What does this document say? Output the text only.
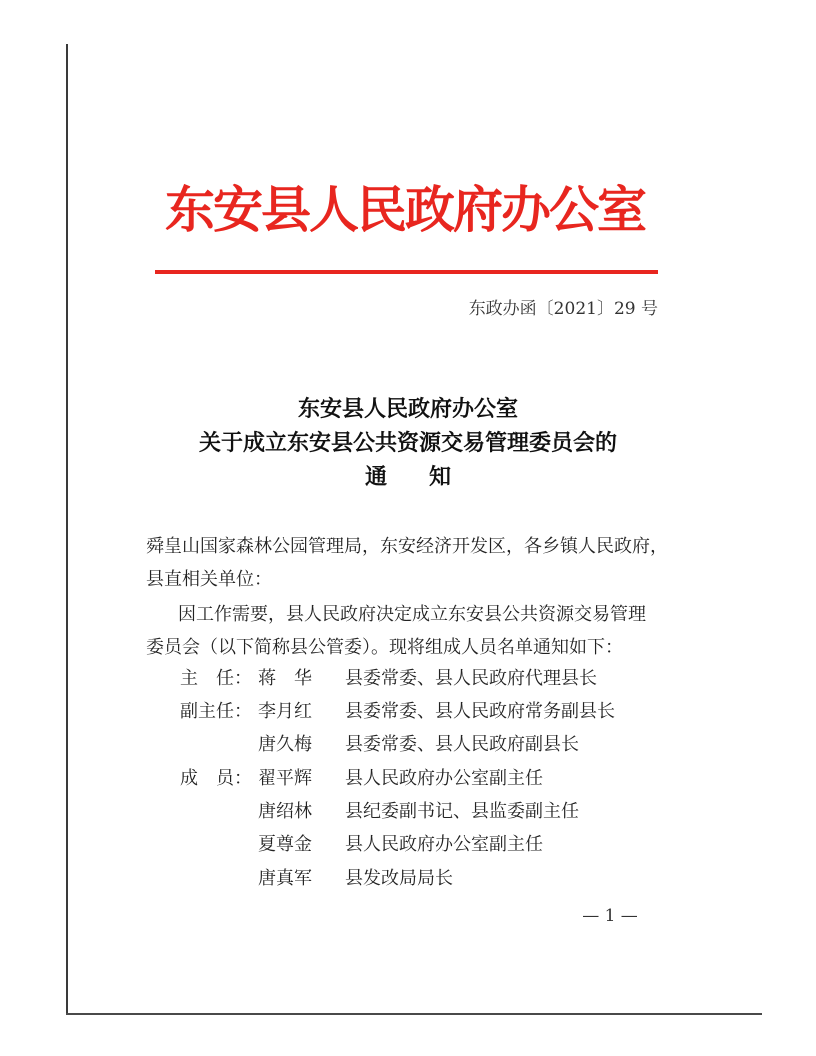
东安县人民政府办公室
东政办函〔2021〕29 号
东安县人民政府办公室
关于成立东安县公共资源交易管理委员会的
通知
舜皇山国家森林公园管理局，东安经济开发区，各乡镇人民政府，
县直相关单位：
因工作需要，县人民政府决定成立东安县公共资源交易管理
委员会（以下简称县公管委）。现将组成人员名单通知如下：
主　任： 蒋　华	县委常委、县人民政府代理县长
副主任： 李月红	县委常委、县人民政府常务副县长
唐久梅	县委常委、县人民政府副县长
成　员： 翟平辉	县人民政府办公室副主任
唐绍林	县纪委副书记、县监委副主任
夏尊金	县人民政府办公室副主任
唐真军	县发改局局长
— 1 —
